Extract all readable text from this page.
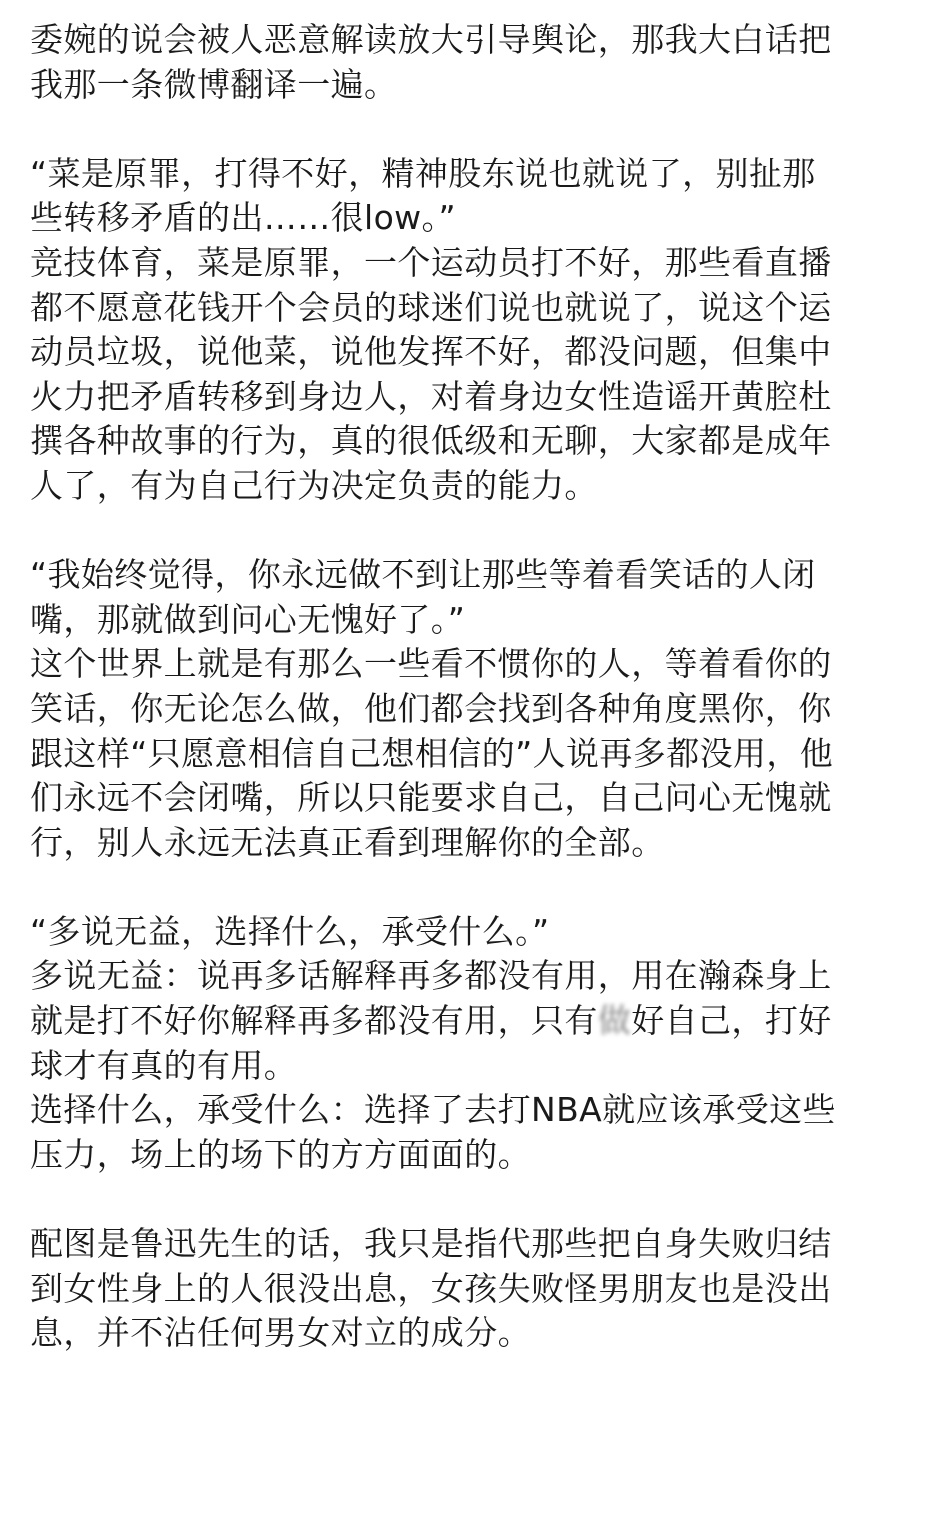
委婉的说会被人恶意解读放大引导舆论，那我大白话把
我那一条微博翻译一遍。
“菜是原罪，打得不好，精神股东说也就说了，别扯那
些转移矛盾的出……很low。”
竞技体育，菜是原罪，一个运动员打不好，那些看直播
都不愿意花钱开个会员的球迷们说也就说了，说这个运
动员垃圾，说他菜，说他发挥不好，都没问题，但集中
火力把矛盾转移到身边人，对着身边女性造谣开黄腔杜
撰各种故事的行为，真的很低级和无聊，大家都是成年
人了，有为自己行为决定负责的能力。
“我始终觉得，你永远做不到让那些等着看笑话的人闭
嘴，那就做到问心无愧好了。”
这个世界上就是有那么一些看不惯你的人，等着看你的
笑话，你无论怎么做，他们都会找到各种角度黑你，你
跟这样“只愿意相信自己想相信的”人说再多都没用，他
们永远不会闭嘴，所以只能要求自己，自己问心无愧就
行，别人永远无法真正看到理解你的全部。
“多说无益，选择什么，承受什么。”
多说无益：说再多话解释再多都没有用，用在瀚森身上
就是打不好你解释再多都没有用，只有做好自己，打好
球才有真的有用。
选择什么，承受什么：选择了去打NBA就应该承受这些
压力，场上的场下的方方面面的。
配图是鲁迅先生的话，我只是指代那些把自身失败归结
到女性身上的人很没出息，女孩失败怪男朋友也是没出
息，并不沾任何男女对立的成分。
